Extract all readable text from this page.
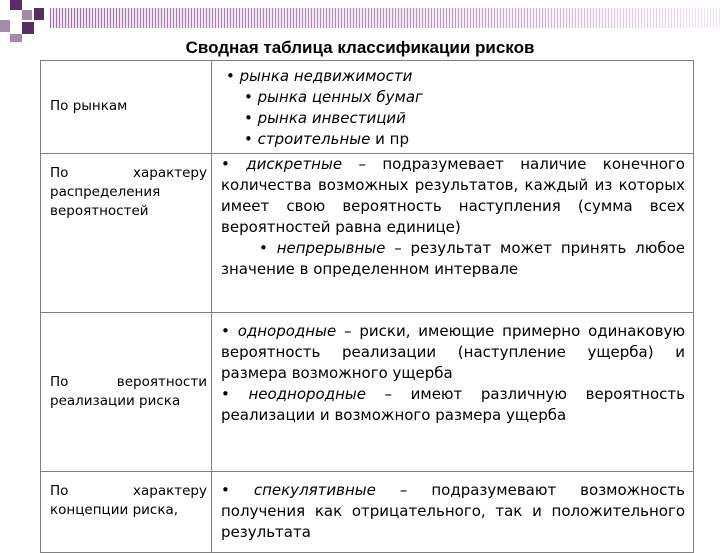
Сводная таблица классификации рисков
По рынкам	• рынка недвижимости
• рынка ценных бумаг
• рынка инвестиций
• строительные и пр

По характеру распределения вероятностей	• дискретные – подразумевает наличие конечного количества возможных результатов, каждый из которых имеет свою вероятность наступления (сумма всех вероятностей равна единице)
• непрерывные – результат может принять любое значение в определенном интервале

По вероятности реализации риска	• однородные – риски, имеющие примерно одинаковую вероятность реализации (наступление ущерба) и размера возможного ущерба
• неоднородные – имеют различную вероятность реализации и возможного размера ущерба

По характеру концепции риска,	• спекулятивные – подразумевают возможность получения как отрицательного, так и положительного результата
